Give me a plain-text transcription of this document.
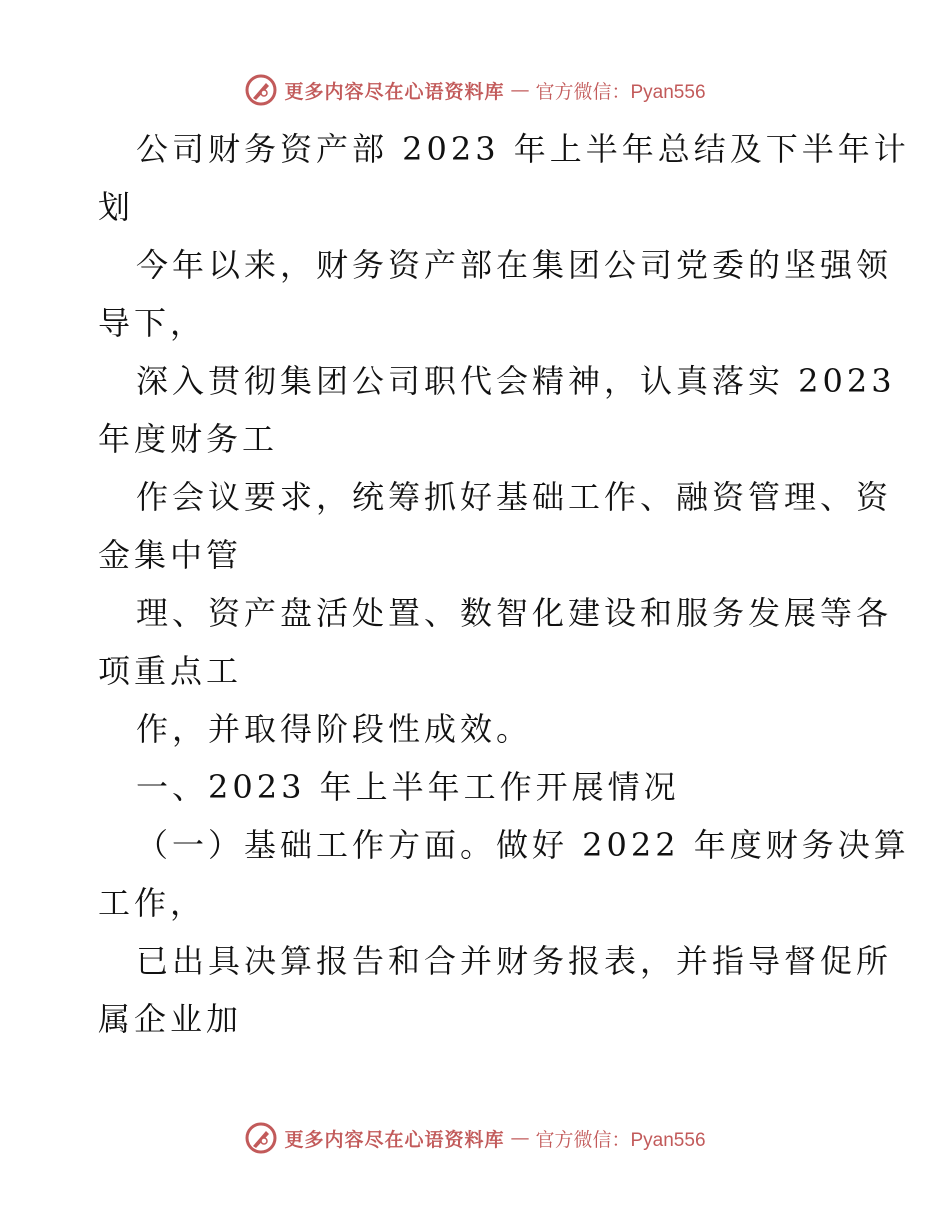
更多内容尽在心语资料库 — 官方微信：Pyan556
公司财务资产部 2023 年上半年总结及下半年计
划
今年以来，财务资产部在集团公司党委的坚强领
导下，
深入贯彻集团公司职代会精神，认真落实 2023
年度财务工
作会议要求，统筹抓好基础工作、融资管理、资
金集中管
理、资产盘活处置、数智化建设和服务发展等各
项重点工
作，并取得阶段性成效。
一、2023 年上半年工作开展情况
（一）基础工作方面。做好 2022 年度财务决算
工作，
已出具决算报告和合并财务报表，并指导督促所
属企业加
更多内容尽在心语资料库 — 官方微信：Pyan556
